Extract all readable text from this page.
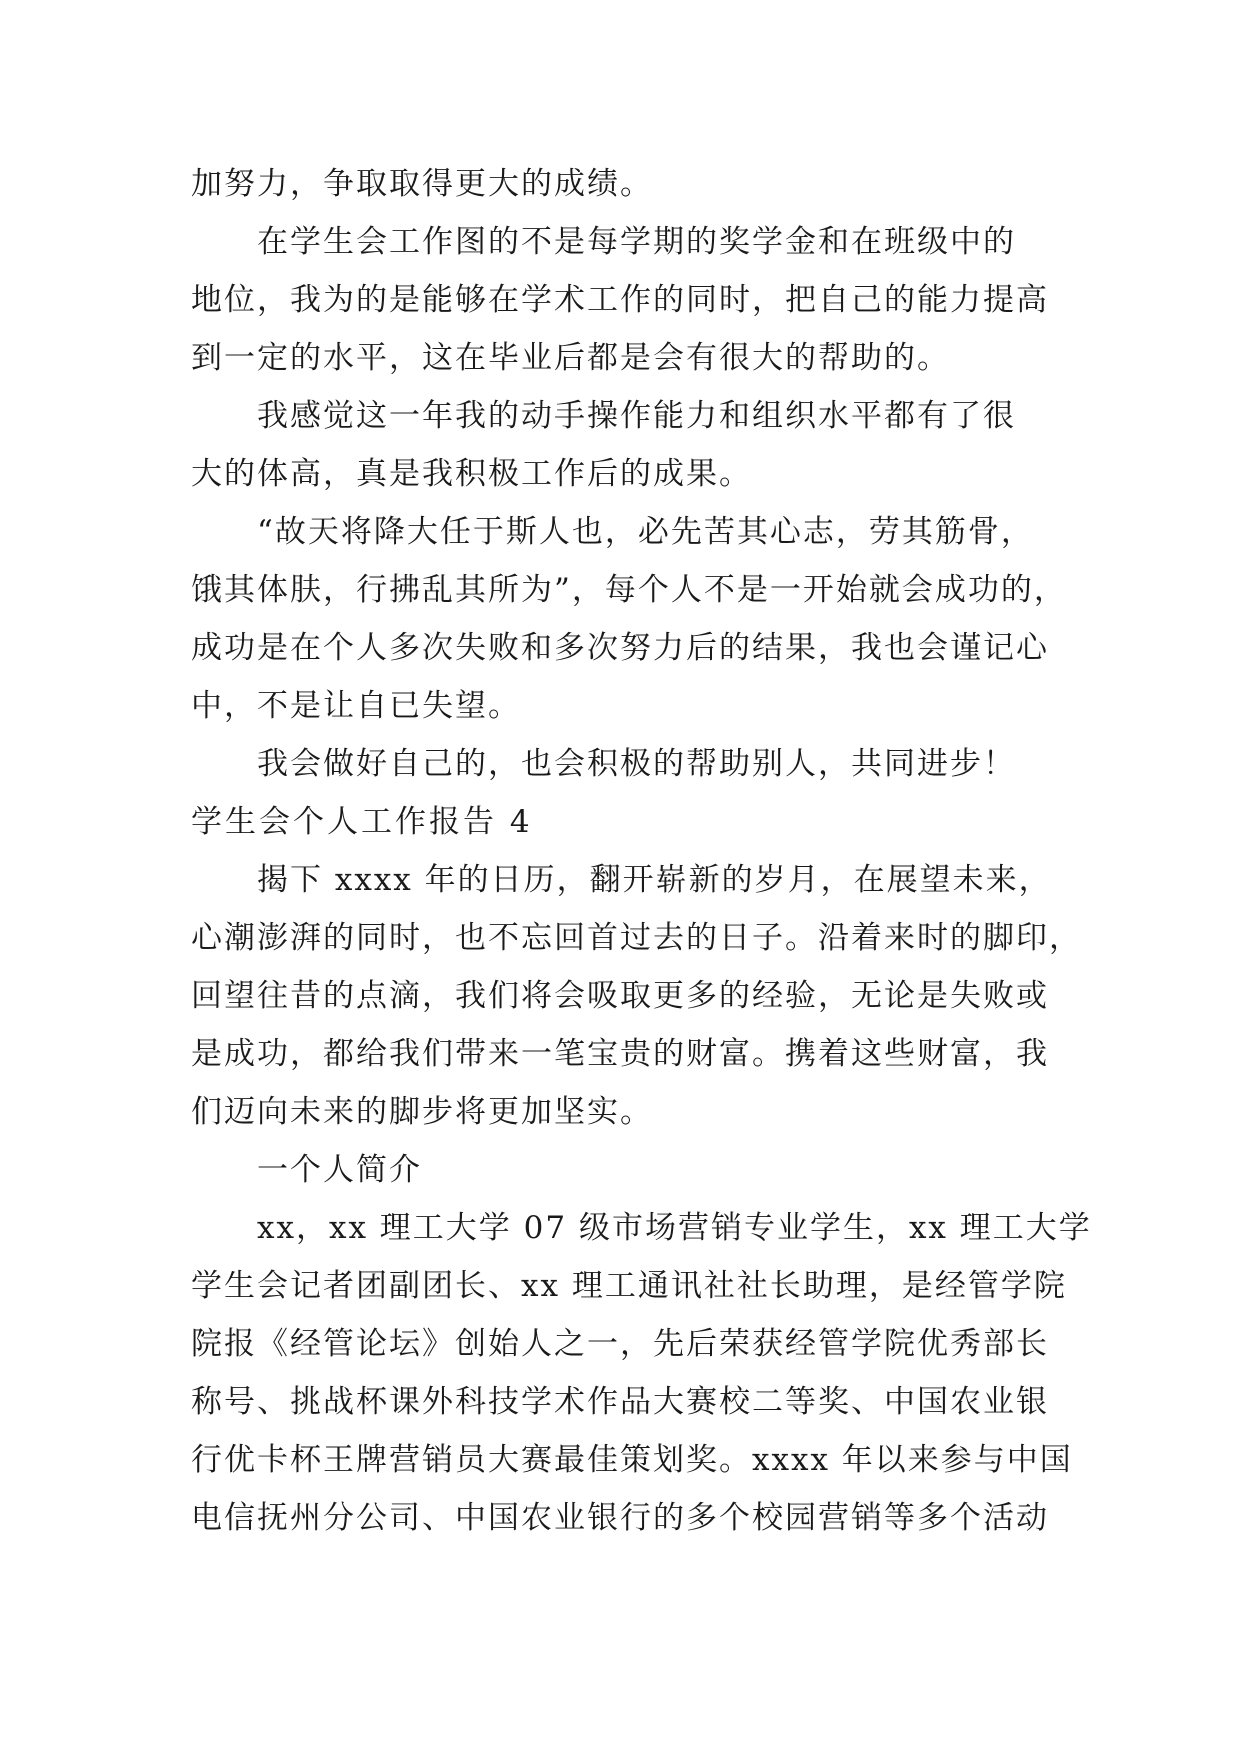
加努力，争取取得更大的成绩。
在学生会工作图的不是每学期的奖学金和在班级中的
地位，我为的是能够在学术工作的同时，把自己的能力提高
到一定的水平，这在毕业后都是会有很大的帮助的。
我感觉这一年我的动手操作能力和组织水平都有了很
大的体高，真是我积极工作后的成果。
“故天将降大任于斯人也，必先苦其心志，劳其筋骨，
饿其体肤，行拂乱其所为”，每个人不是一开始就会成功的，
成功是在个人多次失败和多次努力后的结果，我也会谨记心
中，不是让自已失望。
我会做好自己的，也会积极的帮助别人，共同进步！
学生会个人工作报告 4
揭下 xxxx 年的日历，翻开崭新的岁月，在展望未来，
心潮澎湃的同时，也不忘回首过去的日子。沿着来时的脚印，
回望往昔的点滴，我们将会吸取更多的经验，无论是失败或
是成功，都给我们带来一笔宝贵的财富。携着这些财富，我
们迈向未来的脚步将更加坚实。
一个人简介
xx，xx 理工大学 07 级市场营销专业学生，xx 理工大学
学生会记者团副团长、xx 理工通讯社社长助理，是经管学院
院报《经管论坛》创始人之一，先后荣获经管学院优秀部长
称号、挑战杯课外科技学术作品大赛校二等奖、中国农业银
行优卡杯王牌营销员大赛最佳策划奖。xxxx 年以来参与中国
电信抚州分公司、中国农业银行的多个校园营销等多个活动
